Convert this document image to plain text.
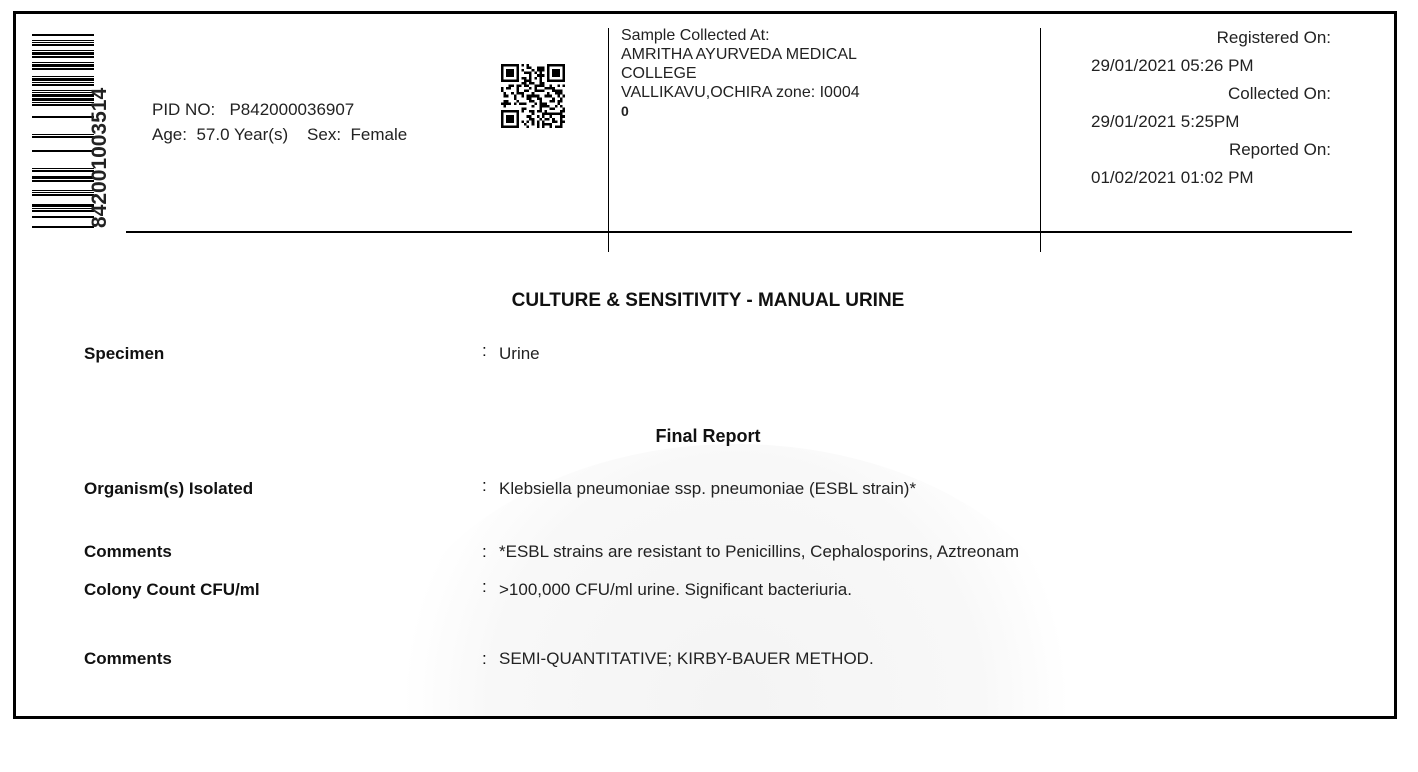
842001003514 PID NO: P842000036907
Age: 57.0 Year(s) Sex: Female
Sample Collected At:
AMRITHA AYURVEDA MEDICAL
COLLEGE
VALLIKAVU,OCHIRA zone: I0004
0
Registered On:
29/01/2021 05:26 PM
Collected On:
29/01/2021 5:25PM
Reported On:
01/02/2021 01:02 PM
CULTURE & SENSITIVITY - MANUAL URINE
Specimen	: Urine
Final Report
Organism(s) Isolated	: Klebsiella pneumoniae ssp. pneumoniae (ESBL strain)*
Comments	: *ESBL strains are resistant to Penicillins, Cephalosporins, Aztreonam
Colony Count CFU/ml	: >100,000 CFU/ml urine. Significant bacteriuria.
Comments	: SEMI-QUANTITATIVE; KIRBY-BAUER METHOD.
